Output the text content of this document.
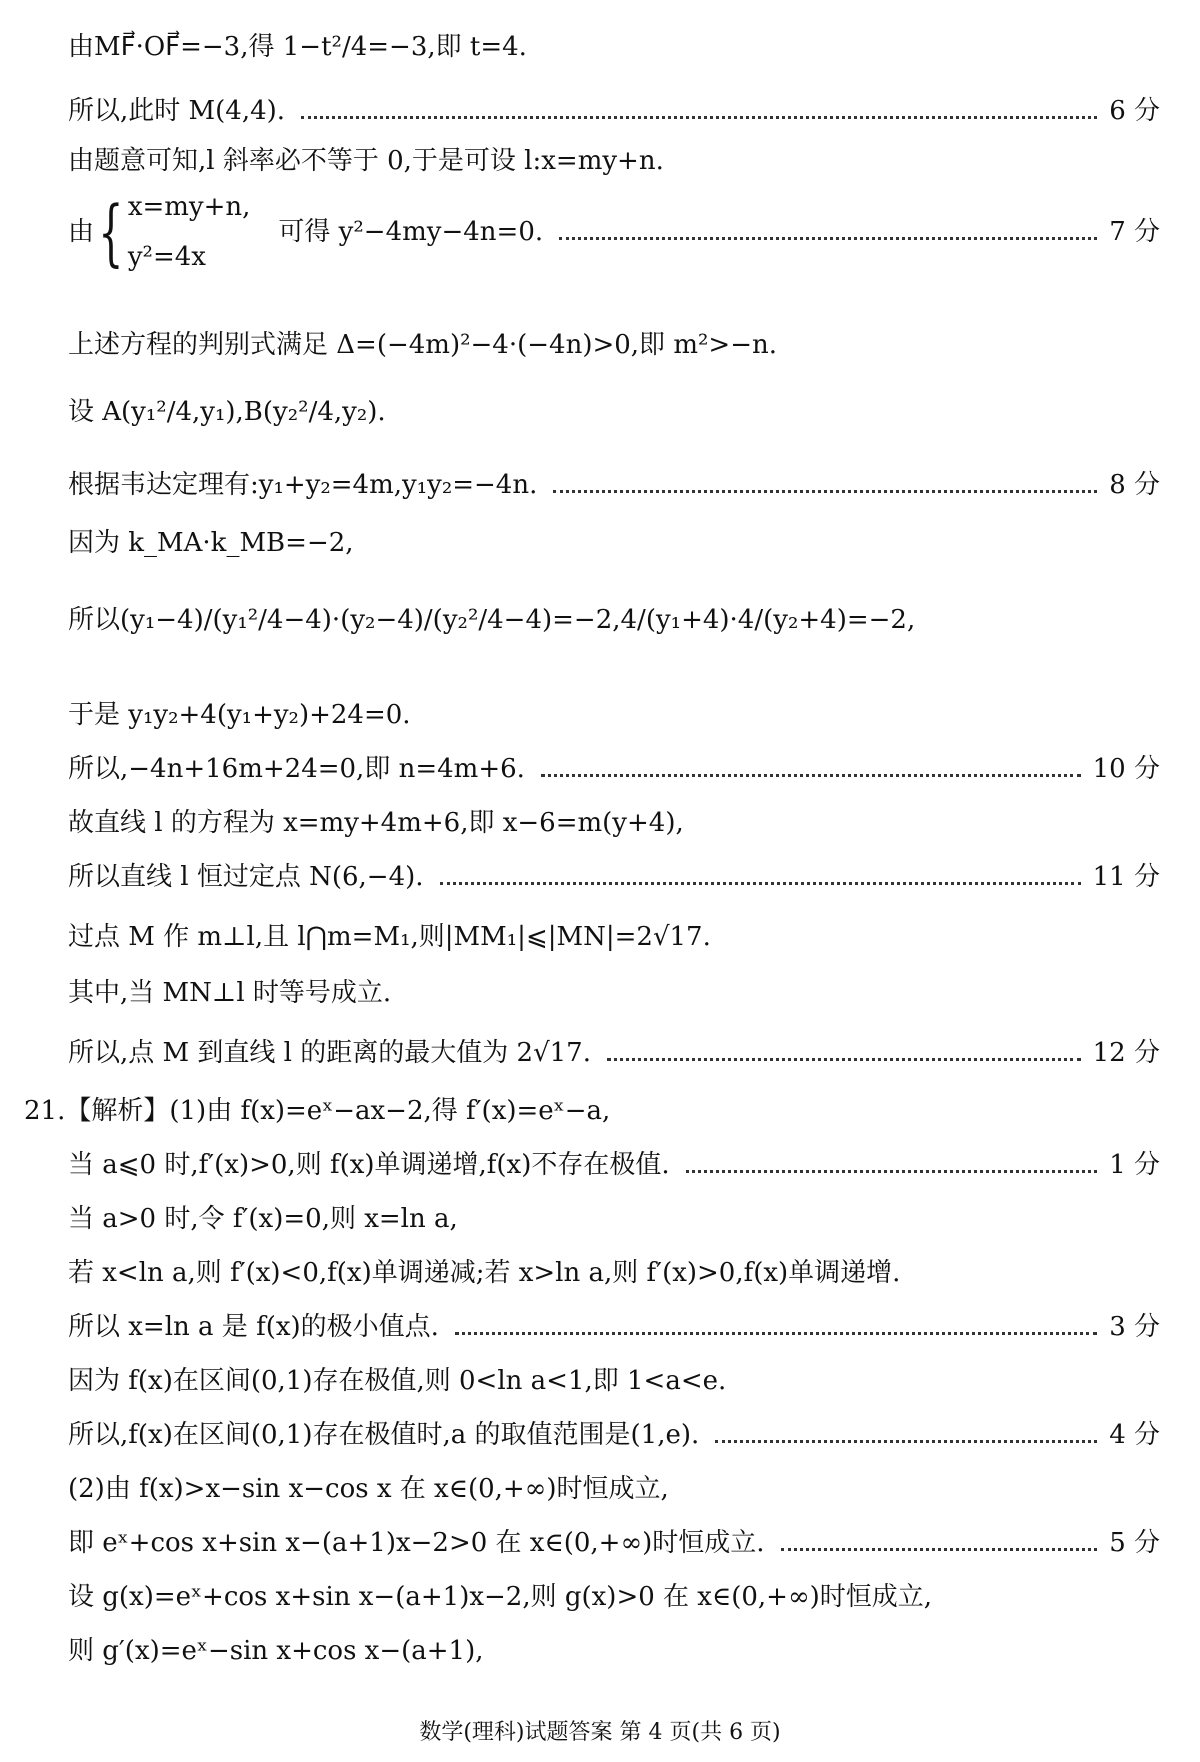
由MF⃗·OF⃗=−3,得 1−t²/4=−3,即 t=4.
所以,此时 M(4,4).	6 分
由题意可知,l 斜率必不等于 0,于是可设 l:x=my+n.
由 { x=my+n,
y²=4x
可得 y²−4my−4n=0.	7 分
上述方程的判别式满足 Δ=(−4m)²−4·(−4n)>0,即 m²>−n.
设 A(y₁²/4,y₁),B(y₂²/4,y₂).
根据韦达定理有:y₁+y₂=4m,y₁y₂=−4n.	8 分
因为 k_MA·k_MB=−2,
所以(y₁−4)/(y₁²/4−4)·(y₂−4)/(y₂²/4−4)=−2,4/(y₁+4)·4/(y₂+4)=−2,
于是 y₁y₂+4(y₁+y₂)+24=0.
所以,−4n+16m+24=0,即 n=4m+6.	10 分
故直线 l 的方程为 x=my+4m+6,即 x−6=m(y+4),
所以直线 l 恒过定点 N(6,−4).	11 分
过点 M 作 m⊥l,且 l⋂m=M₁,则|MM₁|⩽|MN|=2√17.
其中,当 MN⊥l 时等号成立.
所以,点 M 到直线 l 的距离的最大值为 2√17.	12 分
21. 【解析】(1)由 f(x)=eˣ−ax−2,得 f′(x)=eˣ−a,
当 a⩽0 时,f′(x)>0,则 f(x)单调递增,f(x)不存在极值.	1 分
当 a>0 时,令 f′(x)=0,则 x=ln a,
若 x<ln a,则 f′(x)<0,f(x)单调递减;若 x>ln a,则 f′(x)>0,f(x)单调递增.
所以 x=ln a 是 f(x)的极小值点.	3 分
因为 f(x)在区间(0,1)存在极值,则 0<ln a<1,即 1<a<e.
所以,f(x)在区间(0,1)存在极值时,a 的取值范围是(1,e).	4 分
(2)由 f(x)>x−sin x−cos x 在 x∈(0,+∞)时恒成立,
即 eˣ+cos x+sin x−(a+1)x−2>0 在 x∈(0,+∞)时恒成立.	5 分
设 g(x)=eˣ+cos x+sin x−(a+1)x−2,则 g(x)>0 在 x∈(0,+∞)时恒成立,
则 g′(x)=eˣ−sin x+cos x−(a+1),
数学(理科)试题答案 第 4 页(共 6 页)
